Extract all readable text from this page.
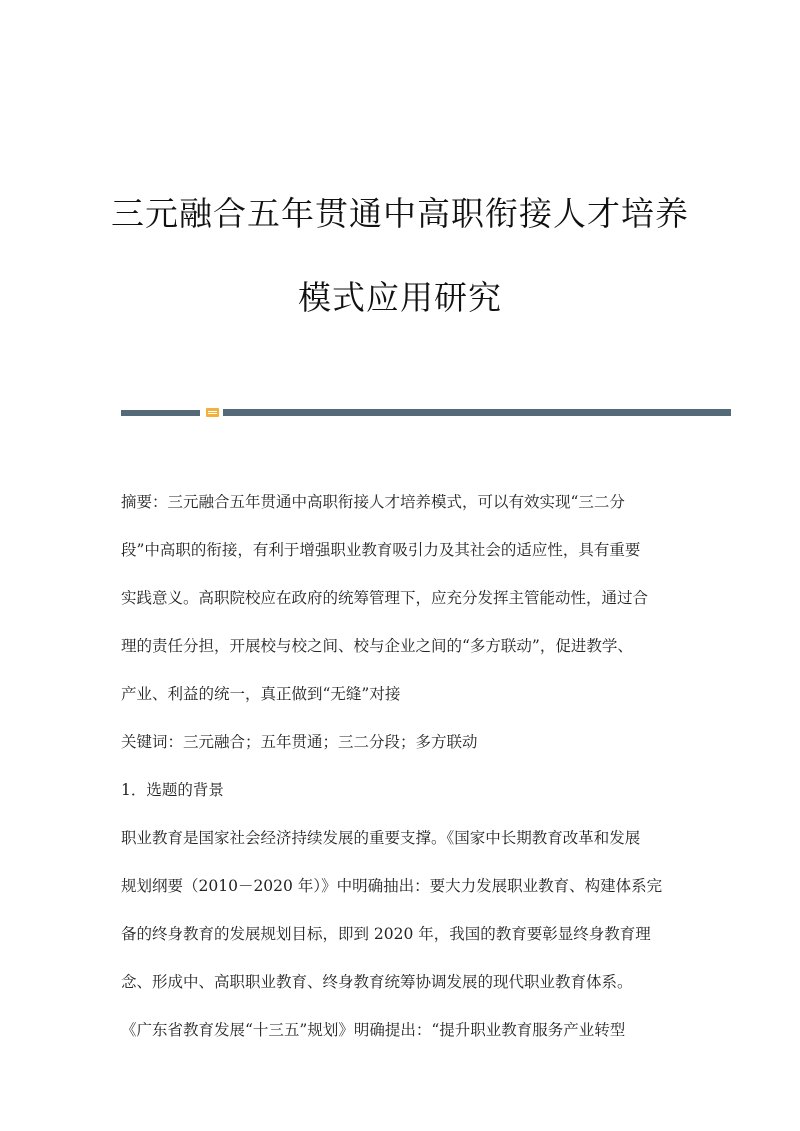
三元融合五年贯通中高职衔接人才培养
模式应用研究
摘要：三元融合五年贯通中高职衔接人才培养模式，可以有效实现“三二分
段”中高职的衔接，有利于增强职业教育吸引力及其社会的适应性，具有重要
实践意义。高职院校应在政府的统筹管理下，应充分发挥主管能动性，通过合
理的责任分担，开展校与校之间、校与企业之间的“多方联动”，促进教学、
产业、利益的统一，真正做到“无缝”对接
关键词：三元融合；五年贯通；三二分段；多方联动
1．选题的背景
职业教育是国家社会经济持续发展的重要支撑。《国家中长期教育改革和发展
规划纲要（2010－2020 年）》中明确抽出：要大力发展职业教育、构建体系完
备的终身教育的发展规划目标，即到 2020 年，我国的教育要彰显终身教育理
念、形成中、高职职业教育、终身教育统筹协调发展的现代职业教育体系。
《广东省教育发展“十三五”规划》明确提出：“提升职业教育服务产业转型
